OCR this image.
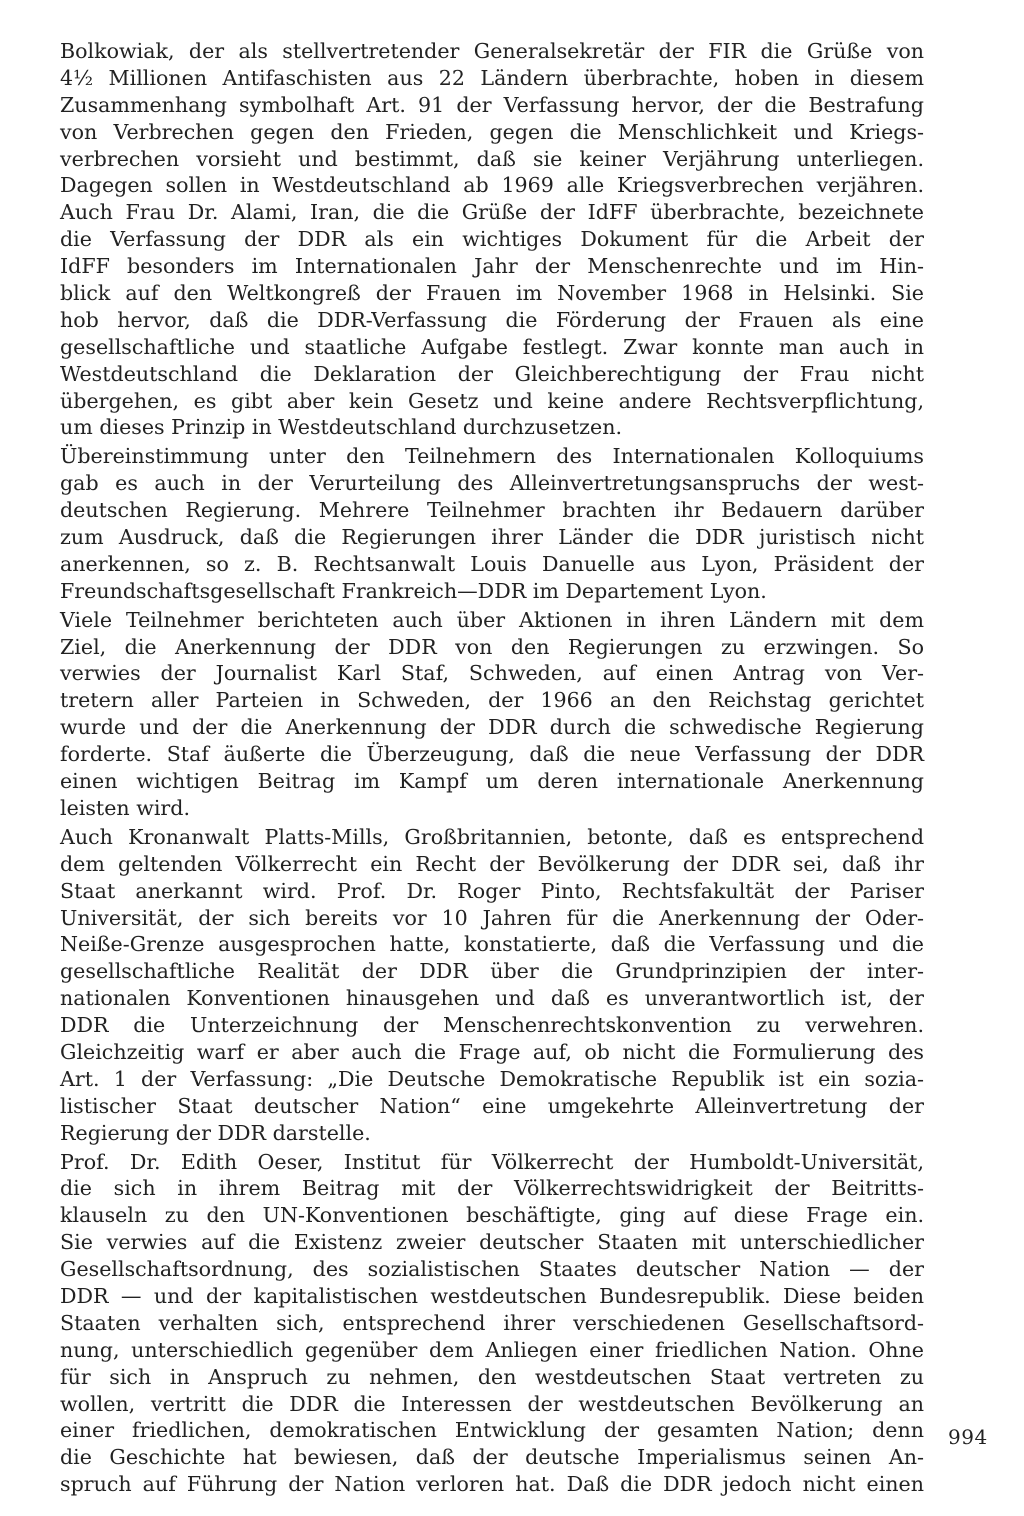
Bolkowiak, der als stellvertretender Generalsekretär der FIR die Grüße von
4½ Millionen Antifaschisten aus 22 Ländern überbrachte, hoben in diesem
Zusammenhang symbolhaft Art. 91 der Verfassung hervor, der die Bestrafung
von Verbrechen gegen den Frieden, gegen die Menschlichkeit und Kriegs-
verbrechen vorsieht und bestimmt, daß sie keiner Verjährung unterliegen.
Dagegen sollen in Westdeutschland ab 1969 alle Kriegsverbrechen verjähren.
Auch Frau Dr. Alami, Iran, die die Grüße der IdFF überbrachte, bezeichnete
die Verfassung der DDR als ein wichtiges Dokument für die Arbeit der
IdFF besonders im Internationalen Jahr der Menschenrechte und im Hin-
blick auf den Weltkongreß der Frauen im November 1968 in Helsinki. Sie
hob hervor, daß die DDR-Verfassung die Förderung der Frauen als eine
gesellschaftliche und staatliche Aufgabe festlegt. Zwar konnte man auch in
Westdeutschland die Deklaration der Gleichberechtigung der Frau nicht
übergehen, es gibt aber kein Gesetz und keine andere Rechtsverpflichtung,
um dieses Prinzip in Westdeutschland durchzusetzen.
Übereinstimmung unter den Teilnehmern des Internationalen Kolloquiums
gab es auch in der Verurteilung des Alleinvertretungsanspruchs der west-
deutschen Regierung. Mehrere Teilnehmer brachten ihr Bedauern darüber
zum Ausdruck, daß die Regierungen ihrer Länder die DDR juristisch nicht
anerkennen, so z. B. Rechtsanwalt Louis Danuelle aus Lyon, Präsident der
Freundschaftsgesellschaft Frankreich—DDR im Departement Lyon.
Viele Teilnehmer berichteten auch über Aktionen in ihren Ländern mit dem
Ziel, die Anerkennung der DDR von den Regierungen zu erzwingen. So
verwies der Journalist Karl Staf, Schweden, auf einen Antrag von Ver-
tretern aller Parteien in Schweden, der 1966 an den Reichstag gerichtet
wurde und der die Anerkennung der DDR durch die schwedische Regierung
forderte. Staf äußerte die Überzeugung, daß die neue Verfassung der DDR
einen wichtigen Beitrag im Kampf um deren internationale Anerkennung
leisten wird.
Auch Kronanwalt Platts-Mills, Großbritannien, betonte, daß es entsprechend
dem geltenden Völkerrecht ein Recht der Bevölkerung der DDR sei, daß ihr
Staat anerkannt wird. Prof. Dr. Roger Pinto, Rechtsfakultät der Pariser
Universität, der sich bereits vor 10 Jahren für die Anerkennung der Oder-
Neiße-Grenze ausgesprochen hatte, konstatierte, daß die Verfassung und die
gesellschaftliche Realität der DDR über die Grundprinzipien der inter-
nationalen Konventionen hinausgehen und daß es unverantwortlich ist, der
DDR die Unterzeichnung der Menschenrechtskonvention zu verwehren.
Gleichzeitig warf er aber auch die Frage auf, ob nicht die Formulierung des
Art. 1 der Verfassung: „Die Deutsche Demokratische Republik ist ein sozia-
listischer Staat deutscher Nation“ eine umgekehrte Alleinvertretung der
Regierung der DDR darstelle.
Prof. Dr. Edith Oeser, Institut für Völkerrecht der Humboldt-Universität,
die sich in ihrem Beitrag mit der Völkerrechtswidrigkeit der Beitritts-
klauseln zu den UN-Konventionen beschäftigte, ging auf diese Frage ein.
Sie verwies auf die Existenz zweier deutscher Staaten mit unterschiedlicher
Gesellschaftsordnung, des sozialistischen Staates deutscher Nation — der
DDR — und der kapitalistischen westdeutschen Bundesrepublik. Diese beiden
Staaten verhalten sich, entsprechend ihrer verschiedenen Gesellschaftsord-
nung, unterschiedlich gegenüber dem Anliegen einer friedlichen Nation. Ohne
für sich in Anspruch zu nehmen, den westdeutschen Staat vertreten zu
wollen, vertritt die DDR die Interessen der westdeutschen Bevölkerung an
einer friedlichen, demokratischen Entwicklung der gesamten Nation; denn
die Geschichte hat bewiesen, daß der deutsche Imperialismus seinen An-
spruch auf Führung der Nation verloren hat. Daß die DDR jedoch nicht einen
994
